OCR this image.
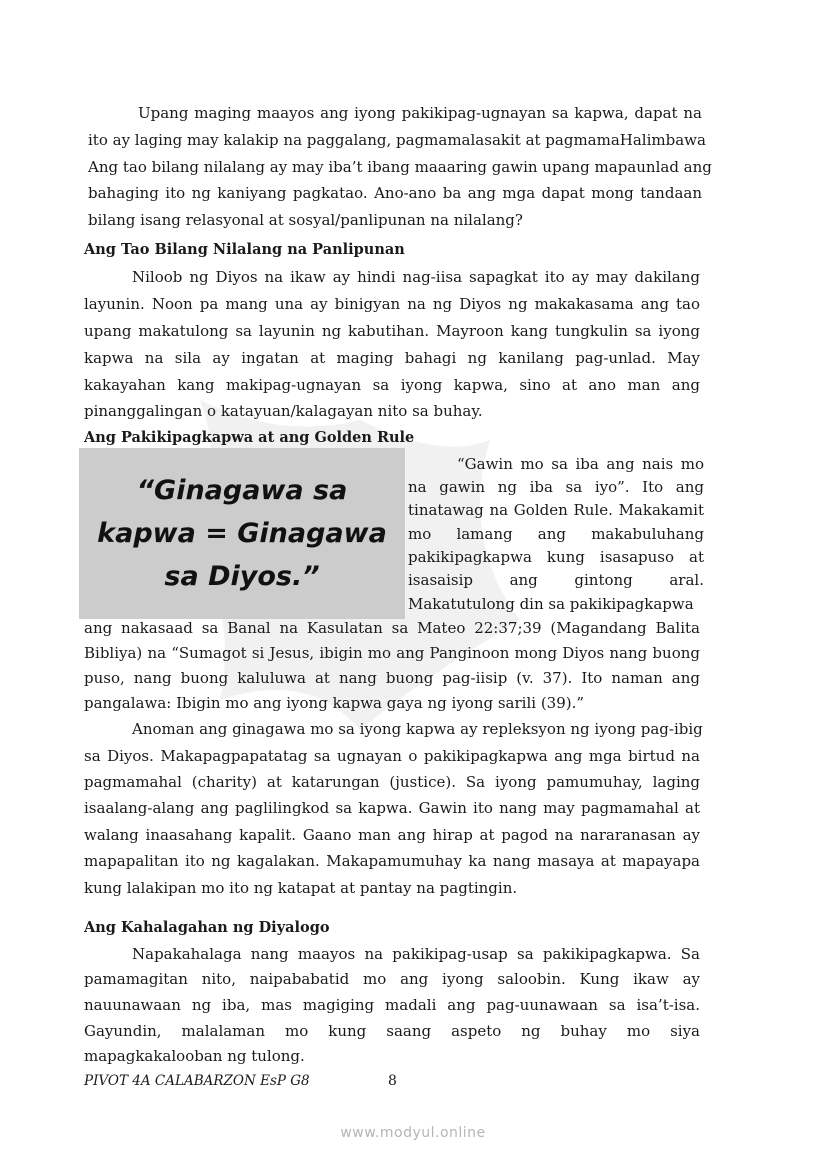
Ang Tao Bilang Nilalang na Panlipunan
Ang Pakikipagkapwa at ang Golden Rule
“Ginagawa sa
kapwa = Ginagawa
sa Diyos.”
Ang Kahalagahan ng Diyalogo
PIVOT 4A CALABARZON EsP G8	8
www.modyul.online
Upang maging maayos ang iyong pakikipag-ugnayan sa kapwa, dapat na
ito ay laging may kalakip na paggalang, pagmamalasakit at pagmamaHalimbawa
Ang tao bilang nilalang ay may iba’t ibang maaaring gawin upang mapaunlad ang
bahaging ito ng kaniyang pagkatao. Ano-ano ba ang mga dapat mong tandaan
bilang isang relasyonal at sosyal/panlipunan na nilalang?
Niloob ng Diyos na ikaw ay hindi nag-iisa sapagkat ito ay may dakilang
layunin. Noon pa mang una ay binigyan na ng Diyos ng makakasama ang tao
upang makatulong sa layunin ng kabutihan. Mayroon kang tungkulin sa iyong
kapwa na sila ay ingatan at maging bahagi ng kanilang pag-unlad. May
kakayahan kang makipag-ugnayan sa iyong kapwa, sino at ano man ang
pinanggalingan o katayuan/kalagayan nito sa buhay.
“Gawin mo sa iba ang nais mo
na gawin ng iba sa iyo”. Ito ang
tinatawag na Golden Rule. Makakamit
mo lamang ang makabuluhang
pakikipagkapwa kung isasapuso at
isasaisip ang gintong aral.
Makatutulong din sa pakikipagkapwa
ang nakasaad sa Banal na Kasulatan sa Mateo 22:37;39 (Magandang Balita
Bibliya) na “Sumagot si Jesus, ibigin mo ang Panginoon mong Diyos nang buong
puso, nang buong kaluluwa at nang buong pag-iisip (v. 37). Ito naman ang
pangalawa: Ibigin mo ang iyong kapwa gaya ng iyong sarili (39).”
Anoman ang ginagawa mo sa iyong kapwa ay repleksyon ng iyong pag-ibig
sa Diyos. Makapagpapatatag sa ugnayan o pakikipagkapwa ang mga birtud na
pagmamahal (charity) at katarungan (justice). Sa iyong pamumuhay, laging
isaalang-alang ang paglilingkod sa kapwa. Gawin ito nang may pagmamahal at
walang inaasahang kapalit. Gaano man ang hirap at pagod na nararanasan ay
mapapalitan ito ng kagalakan. Makapamumuhay ka nang masaya at mapayapa
kung lalakipan mo ito ng katapat at pantay na pagtingin.
Napakahalaga nang maayos na pakikipag-usap sa pakikipagkapwa. Sa
pamamagitan nito, naipababatid mo ang iyong saloobin. Kung ikaw ay
nauunawaan ng iba, mas magiging madali ang pag-uunawaan sa isa’t-isa.
Gayundin, malalaman mo kung saang aspeto ng buhay mo siya
mapagkakalooban ng tulong.
